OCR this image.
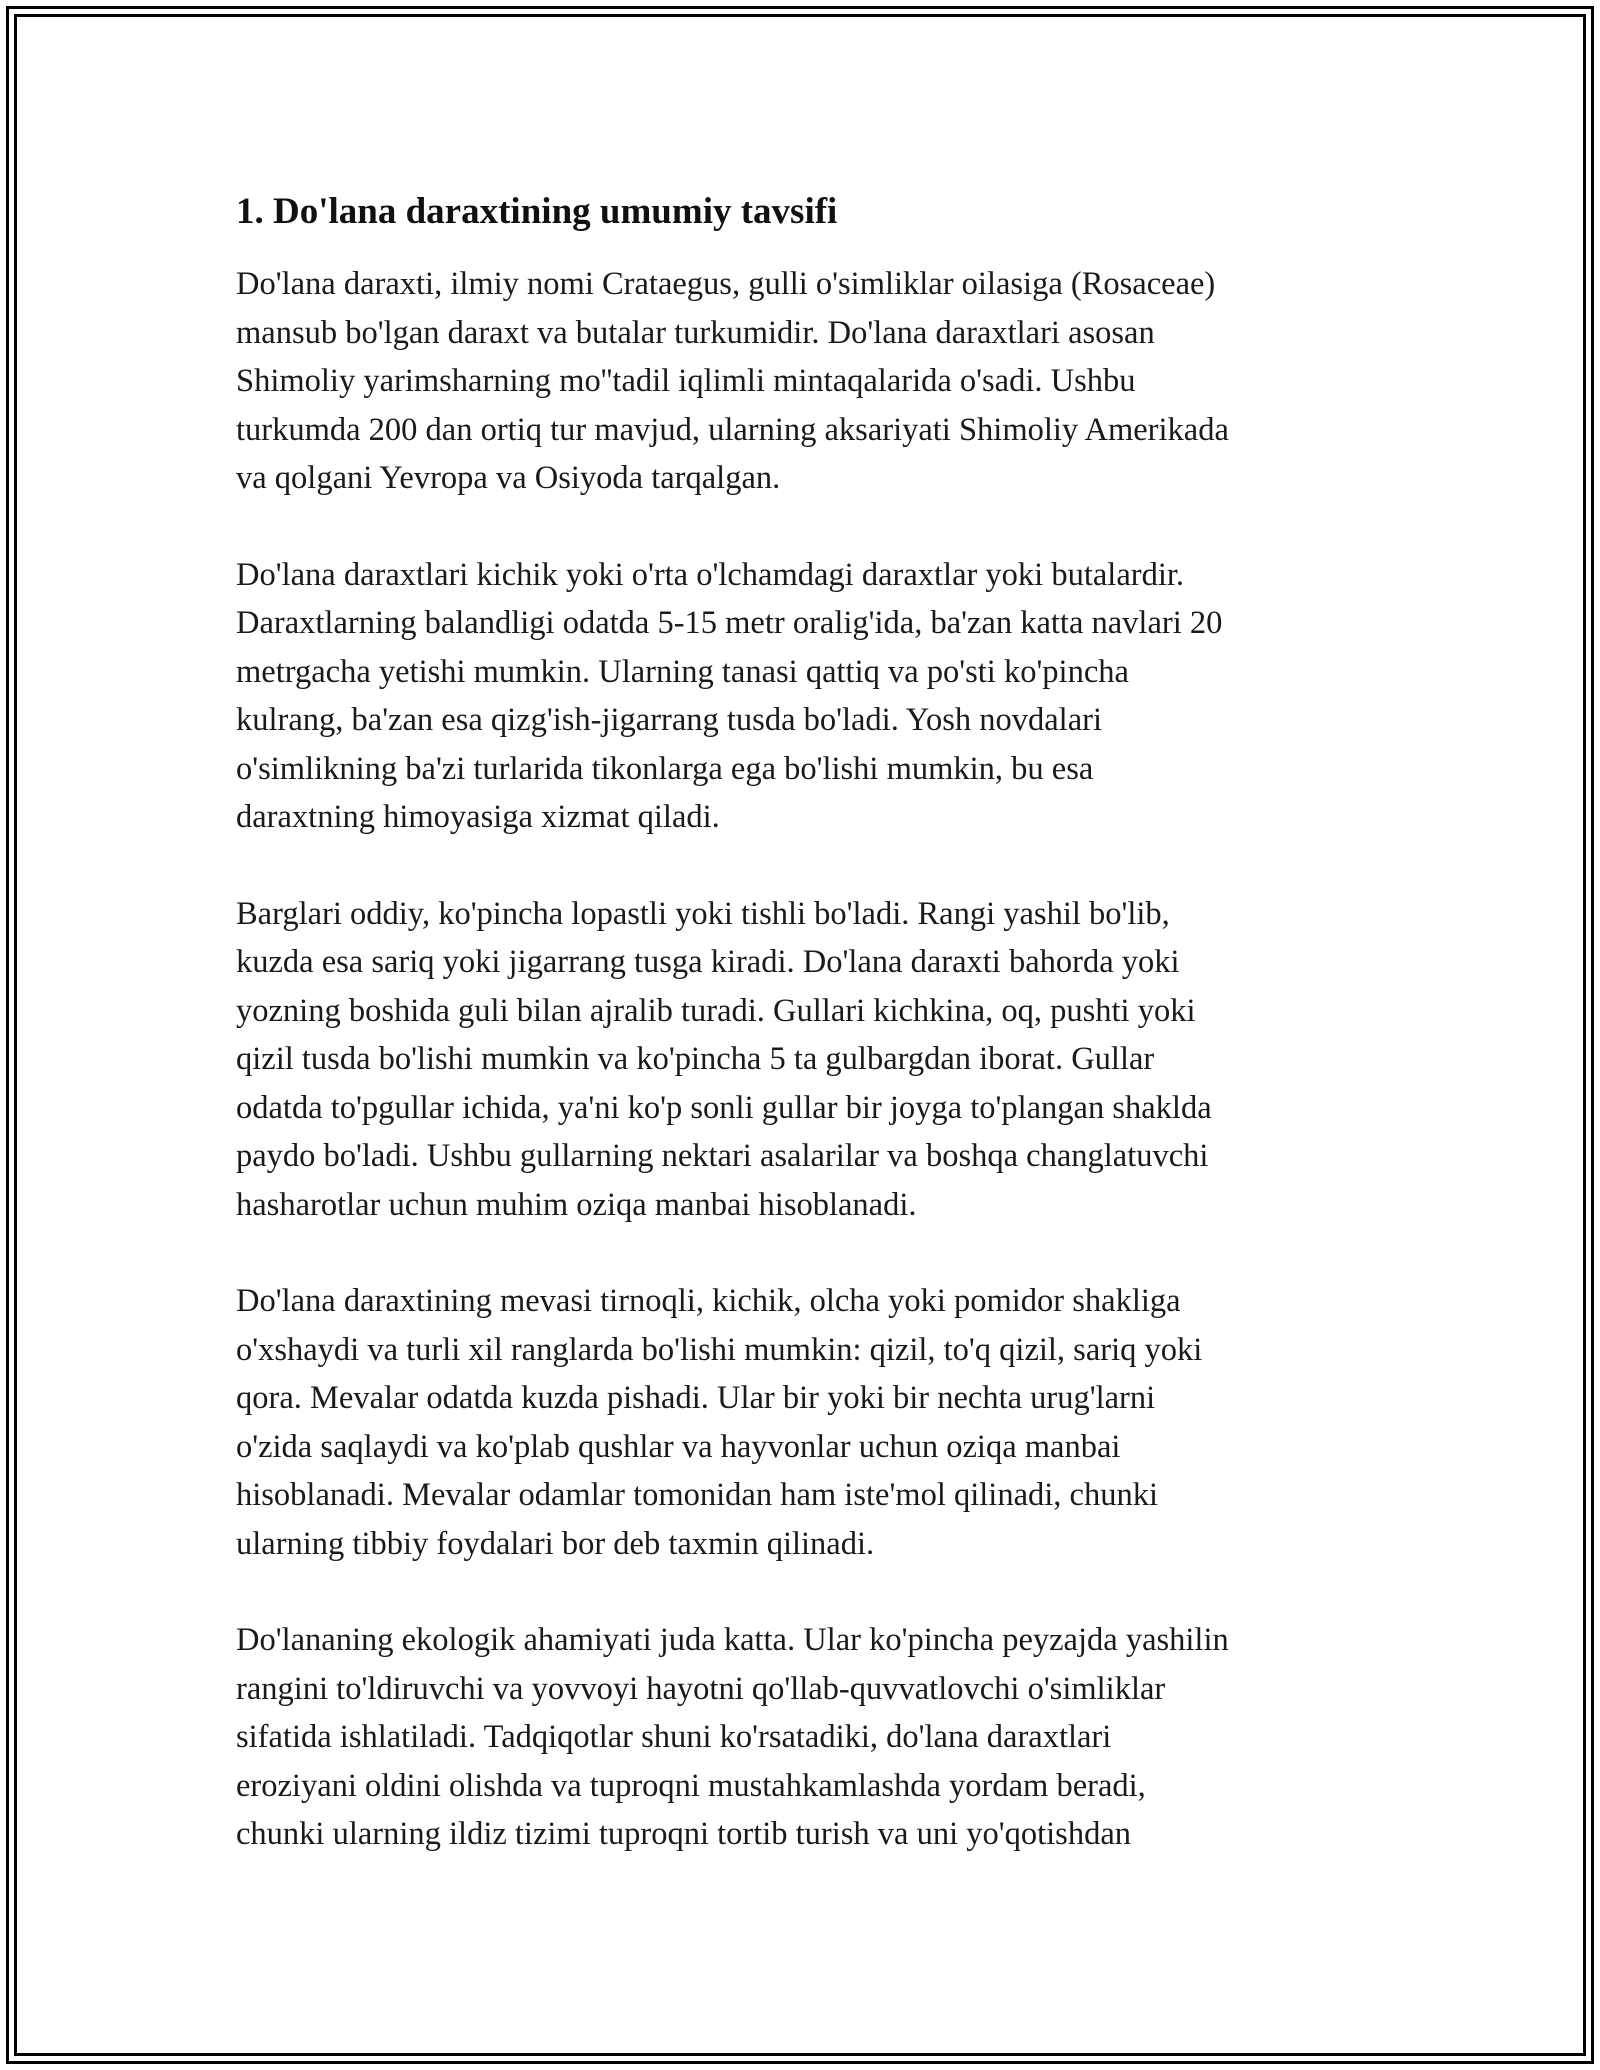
1. Do'lana daraxtining umumiy tavsifi

Do'lana daraxti, ilmiy nomi Crataegus, gulli o'simliklar oilasiga (Rosaceae)
mansub bo'lgan daraxt va butalar turkumidir. Do'lana daraxtlari asosan
Shimoliy yarimsharning mo''tadil iqlimli mintaqalarida o'sadi. Ushbu
turkumda 200 dan ortiq tur mavjud, ularning aksariyati Shimoliy Amerikada
va qolgani Yevropa va Osiyoda tarqalgan.

Do'lana daraxtlari kichik yoki o'rta o'lchamdagi daraxtlar yoki butalardir.
Daraxtlarning balandligi odatda 5-15 metr oralig'ida, ba'zan katta navlari 20
metrgacha yetishi mumkin. Ularning tanasi qattiq va po'sti ko'pincha
kulrang, ba'zan esa qizg'ish-jigarrang tusda bo'ladi. Yosh novdalari
o'simlikning ba'zi turlarida tikonlarga ega bo'lishi mumkin, bu esa
daraxtning himoyasiga xizmat qiladi.

Barglari oddiy, ko'pincha lopastli yoki tishli bo'ladi. Rangi yashil bo'lib,
kuzda esa sariq yoki jigarrang tusga kiradi. Do'lana daraxti bahorda yoki
yozning boshida guli bilan ajralib turadi. Gullari kichkina, oq, pushti yoki
qizil tusda bo'lishi mumkin va ko'pincha 5 ta gulbargdan iborat. Gullar
odatda to'pgullar ichida, ya'ni ko'p sonli gullar bir joyga to'plangan shaklda
paydo bo'ladi. Ushbu gullarning nektari asalarilar va boshqa changlatuvchi
hasharotlar uchun muhim oziqa manbai hisoblanadi.

Do'lana daraxtining mevasi tirnoqli, kichik, olcha yoki pomidor shakliga
o'xshaydi va turli xil ranglarda bo'lishi mumkin: qizil, to'q qizil, sariq yoki
qora. Mevalar odatda kuzda pishadi. Ular bir yoki bir nechta urug'larni
o'zida saqlaydi va ko'plab qushlar va hayvonlar uchun oziqa manbai
hisoblanadi. Mevalar odamlar tomonidan ham iste'mol qilinadi, chunki
ularning tibbiy foydalari bor deb taxmin qilinadi.

Do'lananing ekologik ahamiyati juda katta. Ular ko'pincha peyzajda yashilin
rangini to'ldiruvchi va yovvoyi hayotni qo'llab-quvvatlovchi o'simliklar
sifatida ishlatiladi. Tadqiqotlar shuni ko'rsatadiki, do'lana daraxtlari
eroziyani oldini olishda va tuproqni mustahkamlashda yordam beradi,
chunki ularning ildiz tizimi tuproqni tortib turish va uni yo'qotishdan
